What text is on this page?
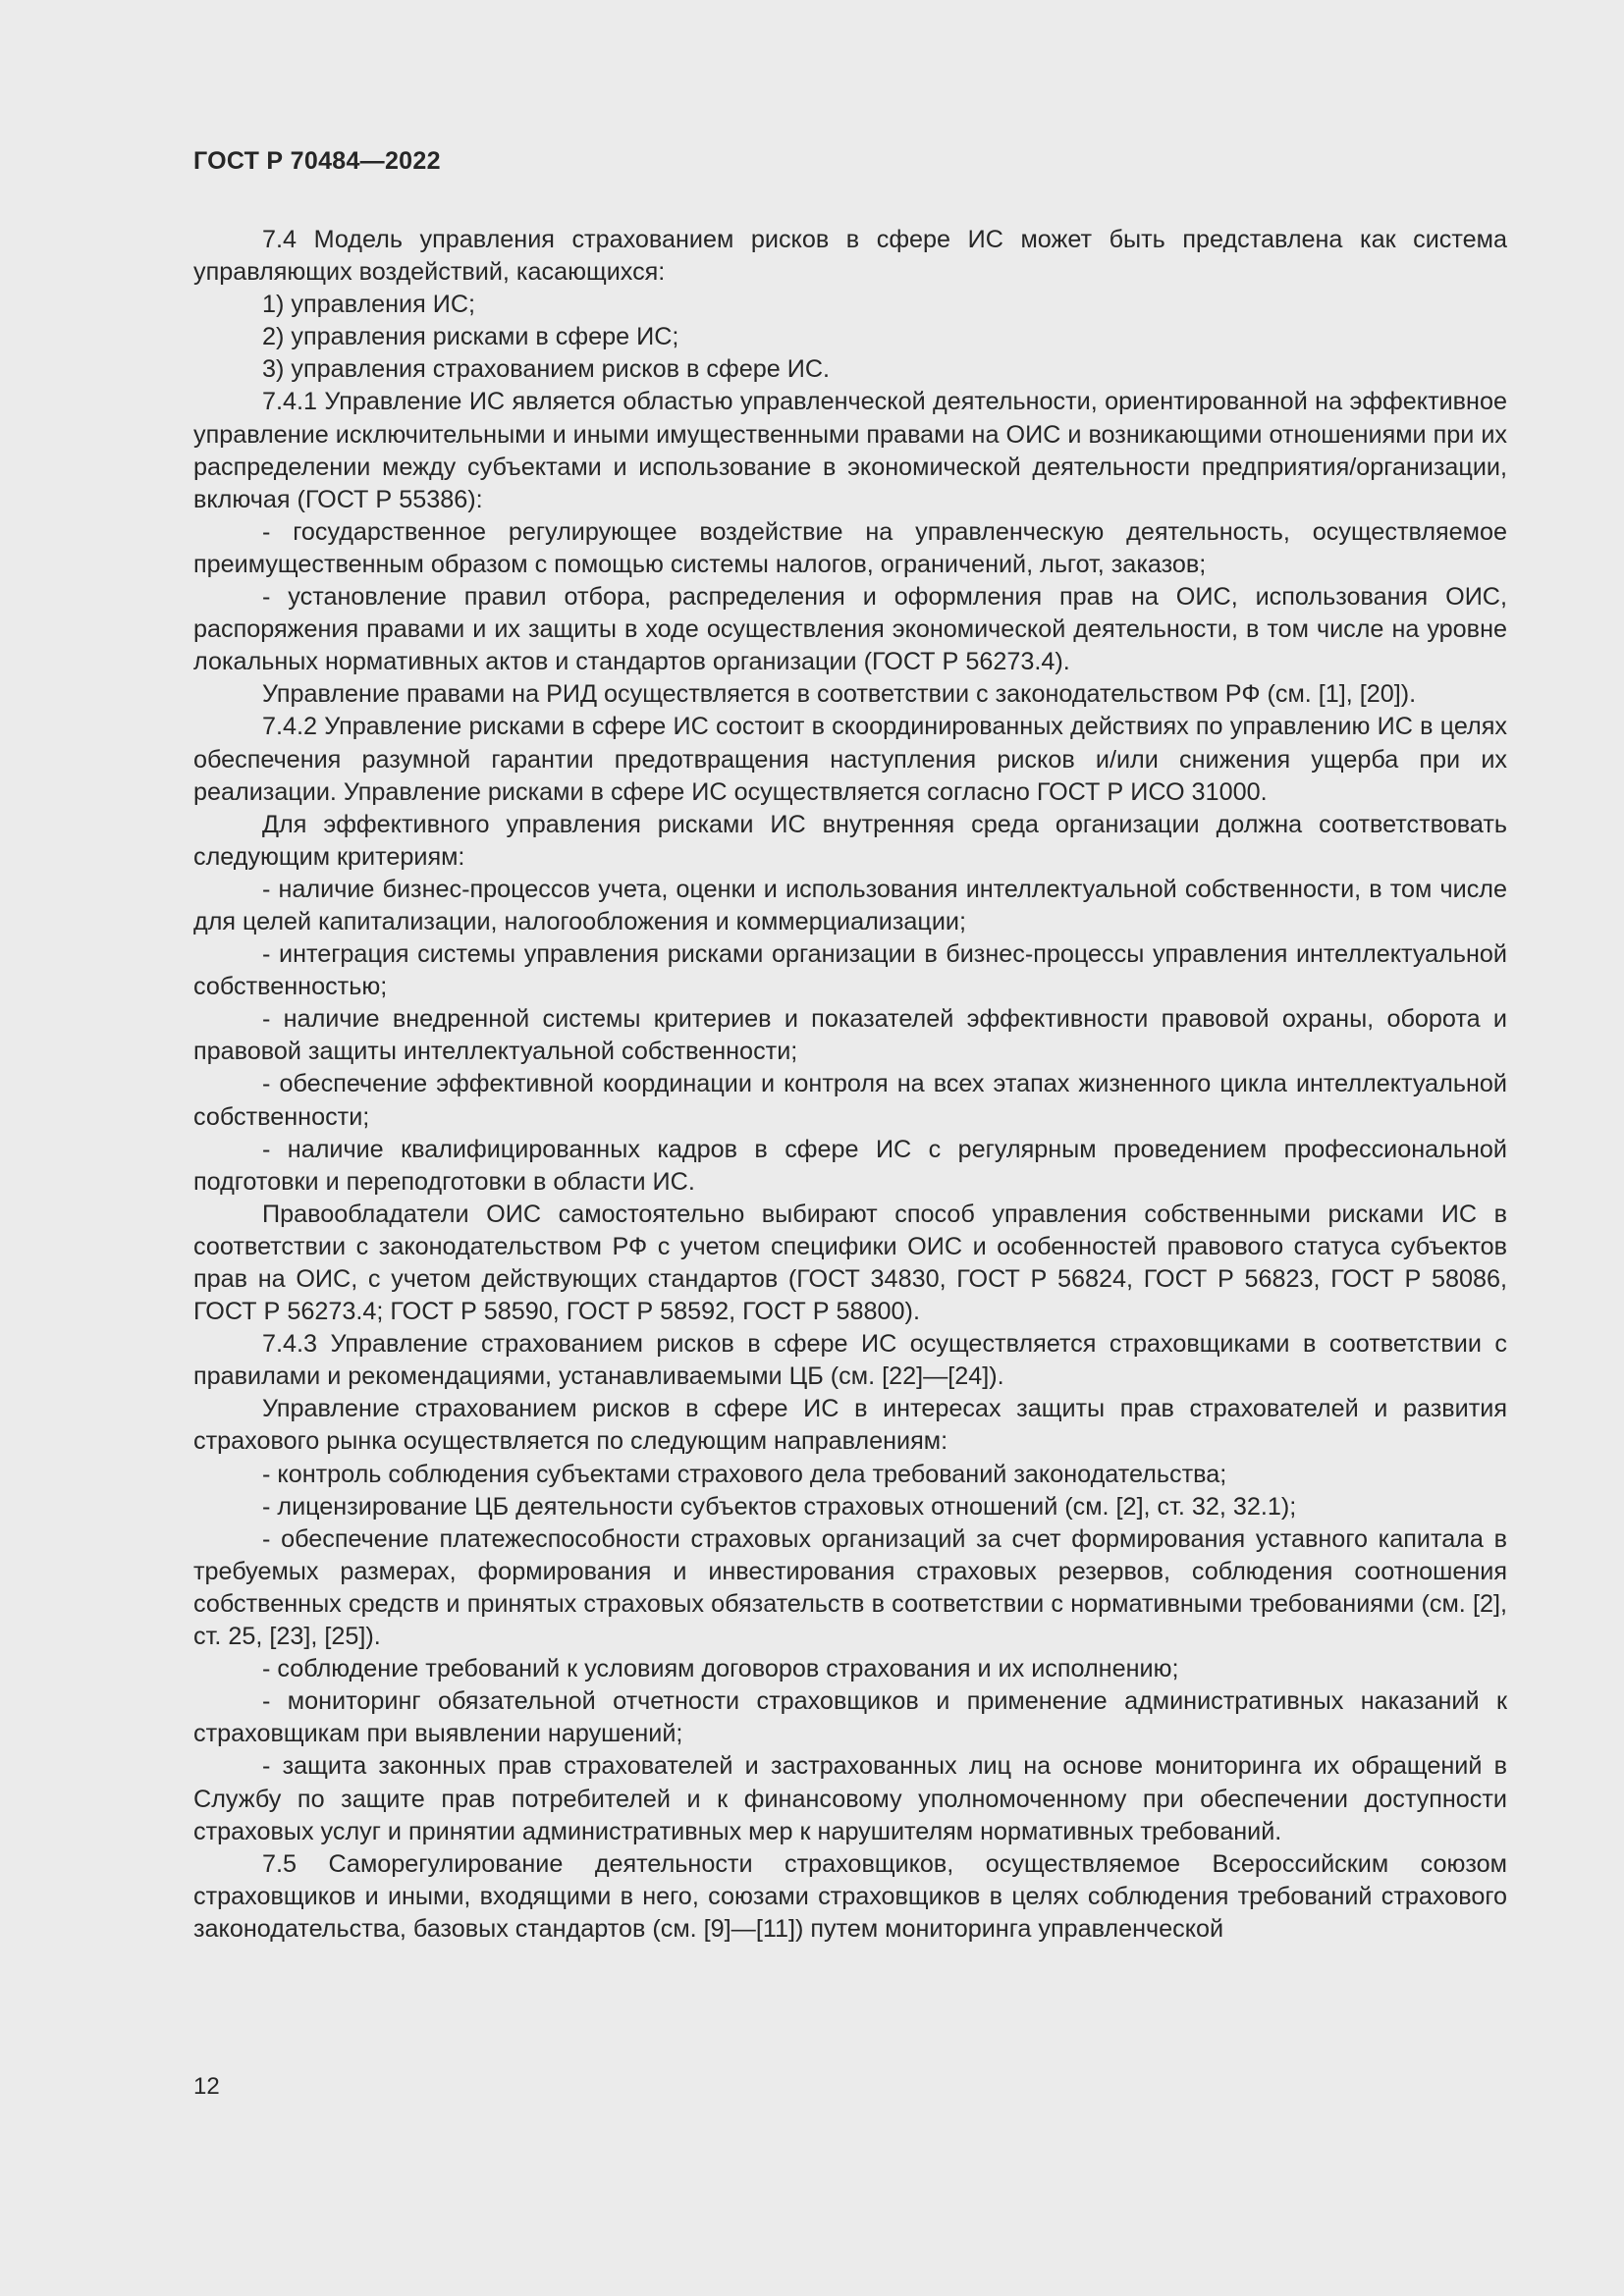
ГОСТ Р 70484—2022

7.4 Модель управления страхованием рисков в сфере ИС может быть представлена как система управляющих воздействий, касающихся:

1) управления ИС;

2) управления рисками в сфере ИС;

3) управления страхованием рисков в сфере ИС.

7.4.1 Управление ИС является областью управленческой деятельности, ориентированной на эффективное управление исключительными и иными имущественными правами на ОИС и возникающими отношениями при их распределении между субъектами и использование в экономической деятельности предприятия/организации, включая (ГОСТ Р 55386):

- государственное регулирующее воздействие на управленческую деятельность, осуществляемое преимущественным образом с помощью системы налогов, ограничений, льгот, заказов;

- установление правил отбора, распределения и оформления прав на ОИС, использования ОИС, распоряжения правами и их защиты в ходе осуществления экономической деятельности, в том числе на уровне локальных нормативных актов и стандартов организации (ГОСТ Р 56273.4).

Управление правами на РИД осуществляется в соответствии с законодательством РФ (см. [1], [20]).

7.4.2 Управление рисками в сфере ИС состоит в скоординированных действиях по управлению ИС в целях обеспечения разумной гарантии предотвращения наступления рисков и/или снижения ущерба при их реализации. Управление рисками в сфере ИС осуществляется согласно ГОСТ Р ИСО 31000.

Для эффективного управления рисками ИС внутренняя среда организации должна соответствовать следующим критериям:

- наличие бизнес-процессов учета, оценки и использования интеллектуальной собственности, в том числе для целей капитализации, налогообложения и коммерциализации;

- интеграция системы управления рисками организации в бизнес-процессы управления интеллектуальной собственностью;

- наличие внедренной системы критериев и показателей эффективности правовой охраны, оборота и правовой защиты интеллектуальной собственности;

- обеспечение эффективной координации и контроля на всех этапах жизненного цикла интеллектуальной собственности;

- наличие квалифицированных кадров в сфере ИС с регулярным проведением профессиональной подготовки и переподготовки в области ИС.

Правообладатели ОИС самостоятельно выбирают способ управления собственными рисками ИС в соответствии с законодательством РФ с учетом специфики ОИС и особенностей правового статуса субъектов прав на ОИС, с учетом действующих стандартов (ГОСТ 34830, ГОСТ Р 56824, ГОСТ Р 56823, ГОСТ Р 58086, ГОСТ Р 56273.4; ГОСТ Р 58590, ГОСТ Р 58592, ГОСТ Р 58800).

7.4.3 Управление страхованием рисков в сфере ИС осуществляется страховщиками в соответствии с правилами и рекомендациями, устанавливаемыми ЦБ (см. [22]—[24]).

Управление страхованием рисков в сфере ИС в интересах защиты прав страхователей и развития страхового рынка осуществляется по следующим направлениям:

- контроль соблюдения субъектами страхового дела требований законодательства;

- лицензирование ЦБ деятельности субъектов страховых отношений (см. [2], ст. 32, 32.1);

- обеспечение платежеспособности страховых организаций за счет формирования уставного капитала в требуемых размерах, формирования и инвестирования страховых резервов, соблюдения соотношения собственных средств и принятых страховых обязательств в соответствии с нормативными требованиями (см. [2], ст. 25, [23], [25]).

- соблюдение требований к условиям договоров страхования и их исполнению;

- мониторинг обязательной отчетности страховщиков и применение административных наказаний к страховщикам при выявлении нарушений;

- защита законных прав страхователей и застрахованных лиц на основе мониторинга их обращений в Службу по защите прав потребителей и к финансовому уполномоченному при обеспечении доступности страховых услуг и принятии административных мер к нарушителям нормативных требований.

7.5 Саморегулирование деятельности страховщиков, осуществляемое Всероссийским союзом страховщиков и иными, входящими в него, союзами страховщиков в целях соблюдения требований страхового законодательства, базовых стандартов (см. [9]—[11]) путем мониторинга управленческой

12
